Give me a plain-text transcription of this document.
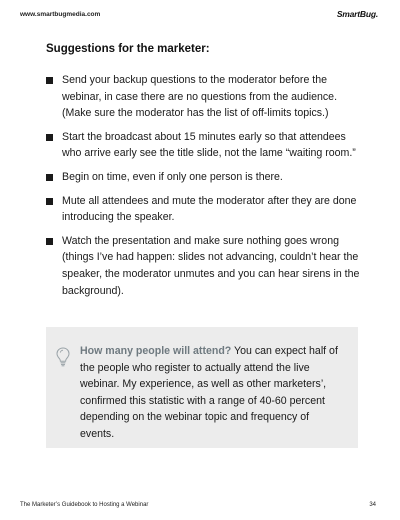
www.smartbugmedia.com	SmartBug.
Suggestions for the marketer:
Send your backup questions to the moderator before the webinar, in case there are no questions from the audience. (Make sure the moderator has the list of off-limits topics.)
Start the broadcast about 15 minutes early so that attendees who arrive early see the title slide, not the lame “waiting room.”
Begin on time, even if only one person is there.
Mute all attendees and mute the moderator after they are done introducing the speaker.
Watch the presentation and make sure nothing goes wrong (things I’ve had happen: slides not advancing, couldn’t hear the speaker, the moderator unmutes and you can hear sirens in the background).

How many people will attend? You can expect half of the people who register to actually attend the live webinar. My experience, as well as other marketers’, confirmed this statistic with a range of 40-60 percent depending on the webinar topic and frequency of events.

The Marketer’s Guidebook to Hosting a Webinar	34
